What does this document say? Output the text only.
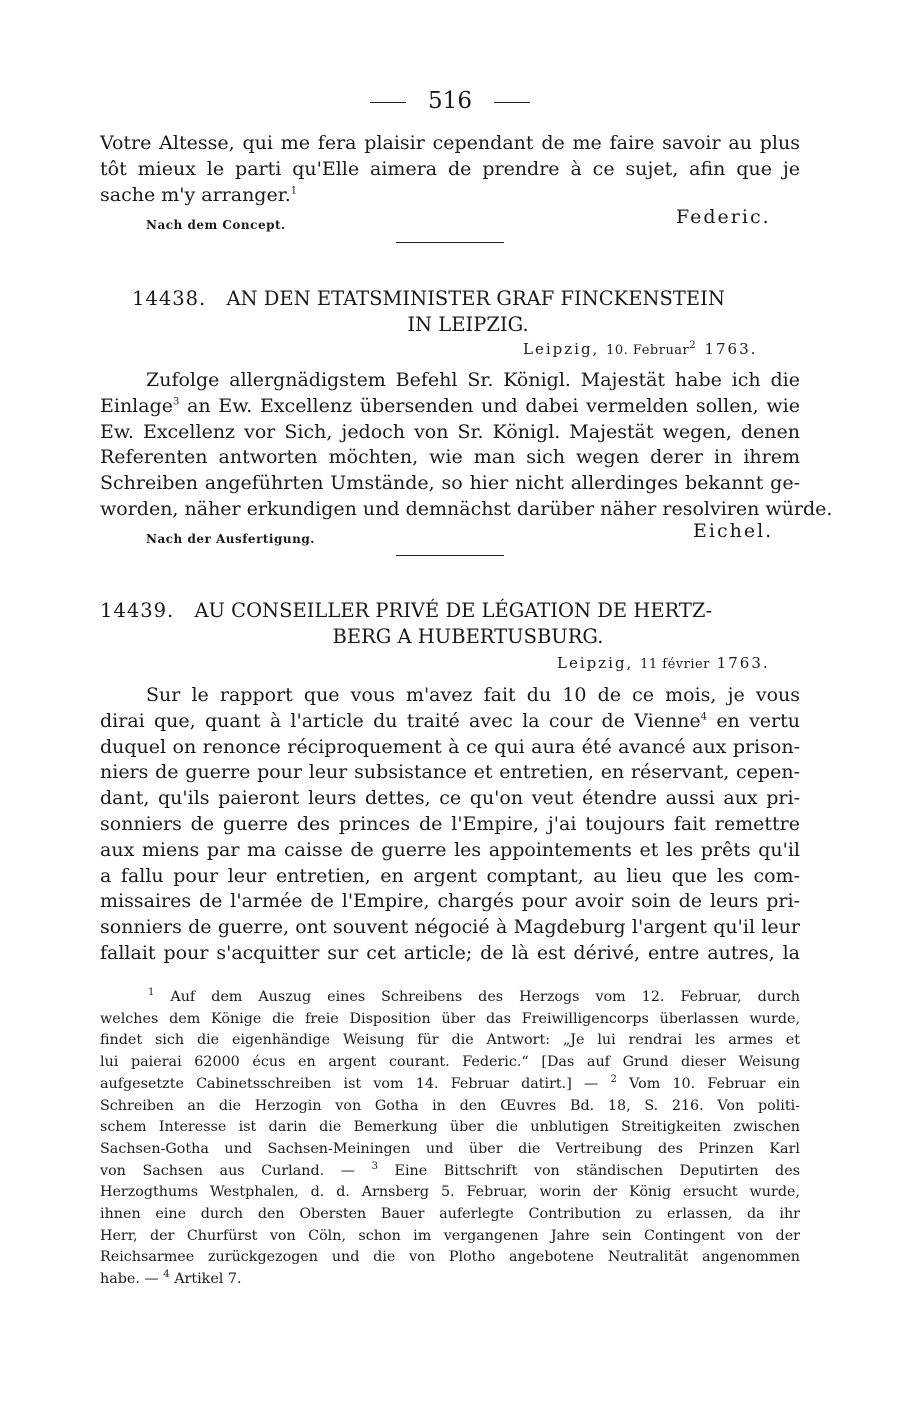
516
Votre Altesse, qui me fera plaisir cependant de me faire savoir au plus
tôt mieux le parti qu'Elle aimera de prendre à ce sujet, afin que je
sache m'y arranger.$^1$
Nach dem Concept.	Federic.
14438. AN DEN ETATSMINISTER GRAF FINCKENSTEIN
IN LEIPZIG.
Leipzig, 10. Februar$^2$ 1763.
Zufolge allergnädigstem Befehl Sr. Königl. Majestät habe ich die
Einlage$^3$ an Ew. Excellenz übersenden und dabei vermelden sollen, wie
Ew. Excellenz vor Sich, jedoch von Sr. Königl. Majestät wegen, denen
Referenten antworten möchten, wie man sich wegen derer in ihrem
Schreiben angeführten Umstände, so hier nicht allerdinges bekannt ge-
worden, näher erkundigen und demnächst darüber näher resolviren würde.
Nach der Ausfertigung.	Eichel.
14439. AU CONSEILLER PRIVÉ DE LÉGATION DE HERTZ-
BERG A HUBERTUSBURG.
Leipzig, 11 février 1763.
Sur le rapport que vous m'avez fait du 10 de ce mois, je vous
dirai que, quant à l'article du traité avec la cour de Vienne$^4$ en vertu
duquel on renonce réciproquement à ce qui aura été avancé aux prison-
niers de guerre pour leur subsistance et entretien, en réservant, cepen-
dant, qu'ils paieront leurs dettes, ce qu'on veut étendre aussi aux pri-
sonniers de guerre des princes de l'Empire, j'ai toujours fait remettre
aux miens par ma caisse de guerre les appointements et les prêts qu'il
a fallu pour leur entretien, en argent comptant, au lieu que les com-
missaires de l'armée de l'Empire, chargés pour avoir soin de leurs pri-
sonniers de guerre, ont souvent négocié à Magdeburg l'argent qu'il leur
fallait pour s'acquitter sur cet article; de là est dérivé, entre autres, la
$^1$ Auf dem Auszug eines Schreibens des Herzogs vom 12. Februar, durch
welches dem Könige die freie Disposition über das Freiwilligencorps überlassen wurde,
findet sich die eigenhändige Weisung für die Antwort: „Je lui rendrai les armes et
lui paierai 62000 écus en argent courant. Federic.“ [Das auf Grund dieser Weisung
aufgesetzte Cabinetsschreiben ist vom 14. Februar datirt.] — $^2$ Vom 10. Februar ein
Schreiben an die Herzogin von Gotha in den Œuvres Bd. 18, S. 216. Von politi-
schem Interesse ist darin die Bemerkung über die unblutigen Streitigkeiten zwischen
Sachsen-Gotha und Sachsen-Meiningen und über die Vertreibung des Prinzen Karl
von Sachsen aus Curland. — $^3$ Eine Bittschrift von ständischen Deputirten des
Herzogthums Westphalen, d. d. Arnsberg 5. Februar, worin der König ersucht wurde,
ihnen eine durch den Obersten Bauer auferlegte Contribution zu erlassen, da ihr
Herr, der Churfürst von Cöln, schon im vergangenen Jahre sein Contingent von der
Reichsarmee zurückgezogen und die von Plotho angebotene Neutralität angenommen
habe. — $^4$ Artikel 7.
